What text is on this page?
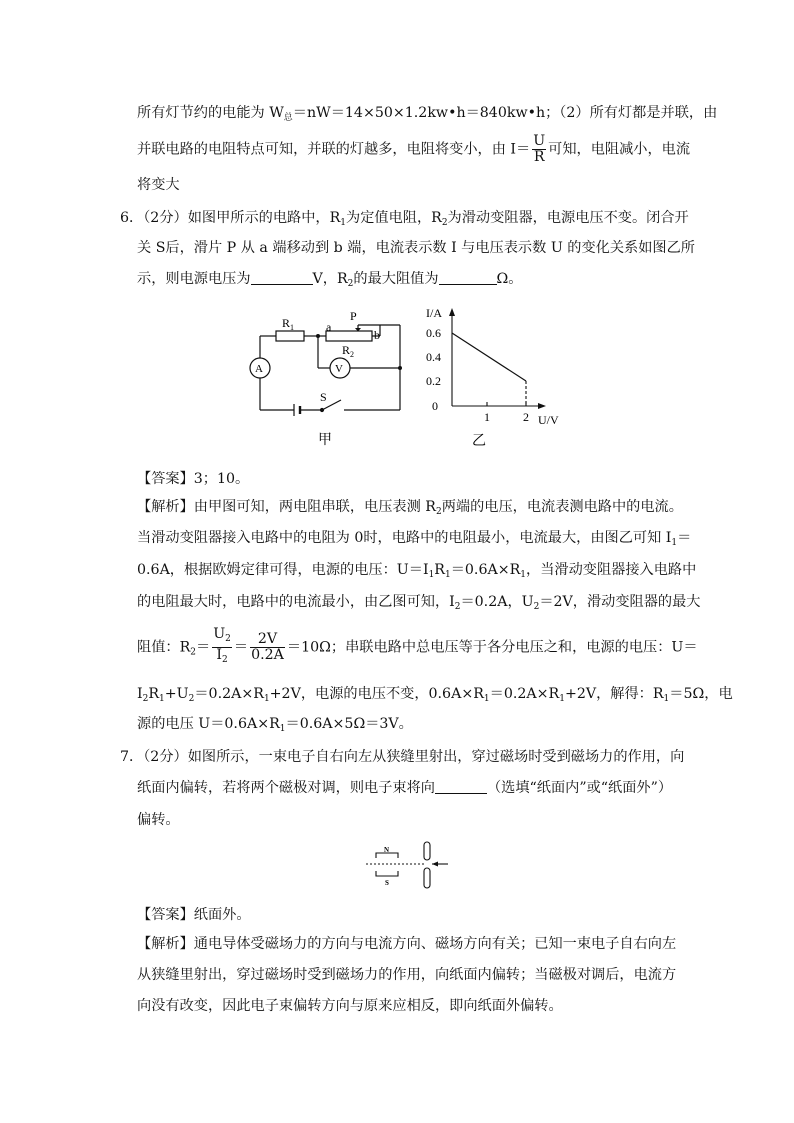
所有灯节约的电能为 $W_总=nW=14\times 50\times 1.2kw•h=840kw•h$；（2）所有灯都是并联，由
并联电路的电阻特点可知，并联的灯越多，电阻将变小，由 $I= \frac{U}{R}$ 可知，电阻减小，电流
将变大
6．（2分）如图甲所示的电路中，$R_1$为定值电阻，$R_2$为滑动变阻器，电源电压不变。闭合开
关 S后，滑片 P 从 a 端移动到 b 端，电流表示数 I 与电压表示数 U 的变化关系如图乙所
示，则电源电压为	V，$R_2$的最大阻值为	Ω。
$R_1$	a
P
b
$R_2$
A	V
S
甲
I/A
0.6
0.4
0.2
0
1	2 U/V
乙
【答案】3；10。
【解析】由甲图可知，两电阻串联，电压表测 $R_2$两端的电压，电流表测电路中的电流。
当滑动变阻器接入电路中的电阻为 0时，电路中的电阻最小，电流最大，由图乙可知 $I_1=$
0.6A，根据欧姆定律可得，电源的电压：$U=I_1R_1=0.6A\times R_1$，当滑动变阻器接入电路中
的电阻最大时，电路中的电流最小，由乙图可知，$I_2=0.2A$，$U_2=2V$，滑动变阻器的最大
阻值：$R_2= \frac{U_2}{I_2} = \frac{2V}{0.2A} =10\Omega$；串联电路中总电压等于各分电压之和，电源的电压：U＝
$I_2R_1+U_2=0.2A\times R_1+2V$，电源的电压不变，$0.6A\times R_1=0.2A\times R_1+2V$，解得：$R_1=5\Omega$，电
源的电压 $U=0.6A\times R_1=0.6A\times 5\Omega=3V$。
7．（2分）如图所示，一束电子自右向左从狭缝里射出，穿过磁场时受到磁场力的作用，向
纸面内偏转，若将两个磁极对调，则电子束将向	（选填“纸面内”或“纸面外”）
偏转。
N
S
【答案】纸面外。
【解析】通电导体受磁场力的方向与电流方向、磁场方向有关；已知一束电子自右向左
从狭缝里射出，穿过磁场时受到磁场力的作用，向纸面内偏转；当磁极对调后，电流方
向没有改变，因此电子束偏转方向与原来应相反，即向纸面外偏转。
